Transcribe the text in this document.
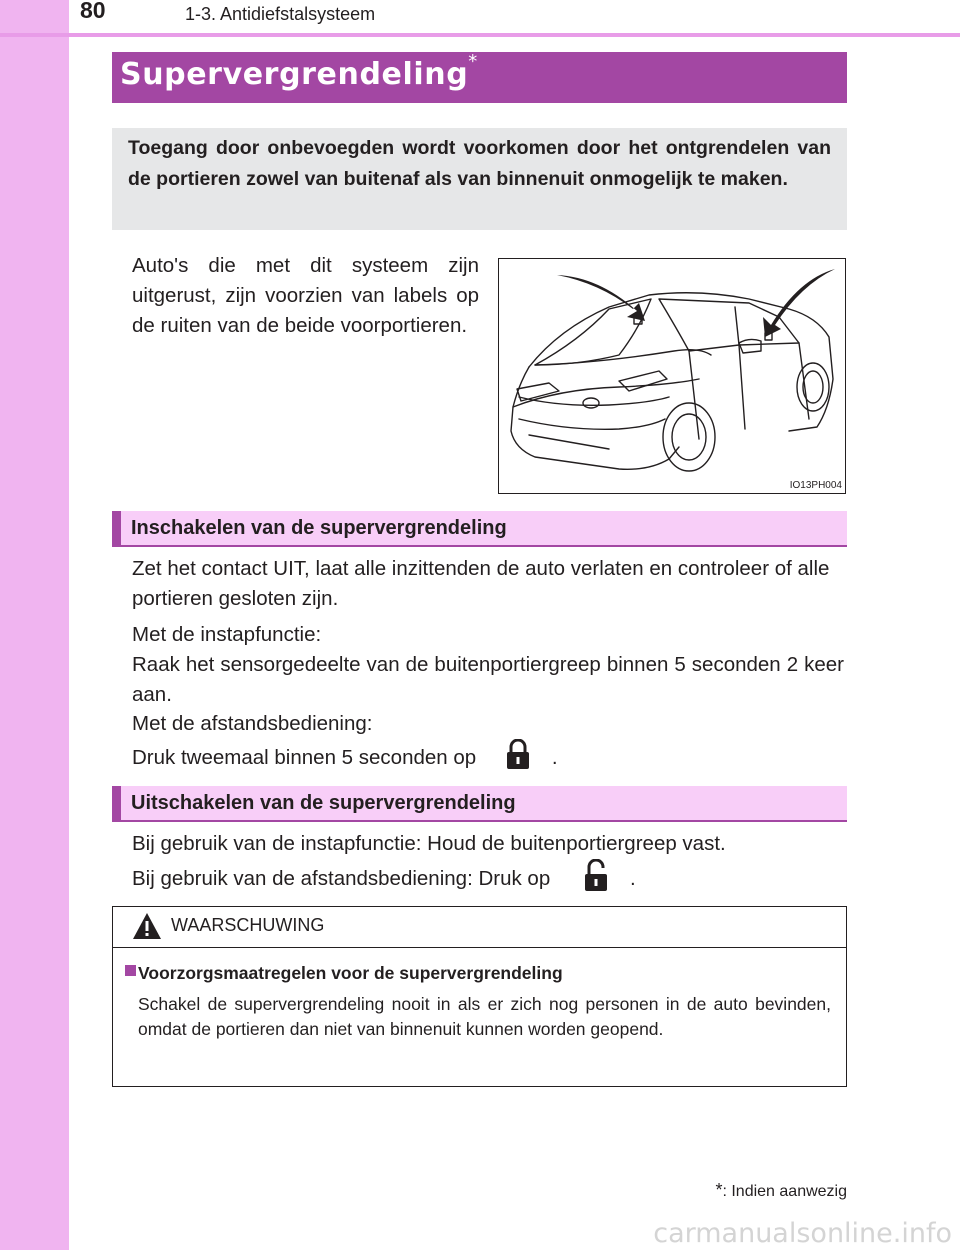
80	1-3. Antidiefstalsysteem
Supervergrendeling*
Toegang door onbevoegden wordt voorkomen door het ontgrendelen van de portieren zowel van buitenaf als van binnenuit onmogelijk te maken.
Auto's die met dit systeem zijn uitgerust, zijn voorzien van labels op de ruiten van de beide voorportieren.
IO13PH004
Inschakelen van de supervergrendeling
Zet het contact UIT, laat alle inzittenden de auto verlaten en controleer of alle portieren gesloten zijn.
Met de instapfunctie:
Raak het sensorgedeelte van de buitenportiergreep binnen 5 seconden 2 keer aan.
Met de afstandsbediening:
Druk tweemaal binnen 5 seconden op	.
Uitschakelen van de supervergrendeling
Bij gebruik van de instapfunctie: Houd de buitenportiergreep vast.
Bij gebruik van de afstandsbediening: Druk op	.
WAARSCHUWING
Voorzorgsmaatregelen voor de supervergrendeling
Schakel de supervergrendeling nooit in als er zich nog personen in de auto bevinden, omdat de portieren dan niet van binnenuit kunnen worden geopend.
*: Indien aanwezig
carmanualsonline.info
